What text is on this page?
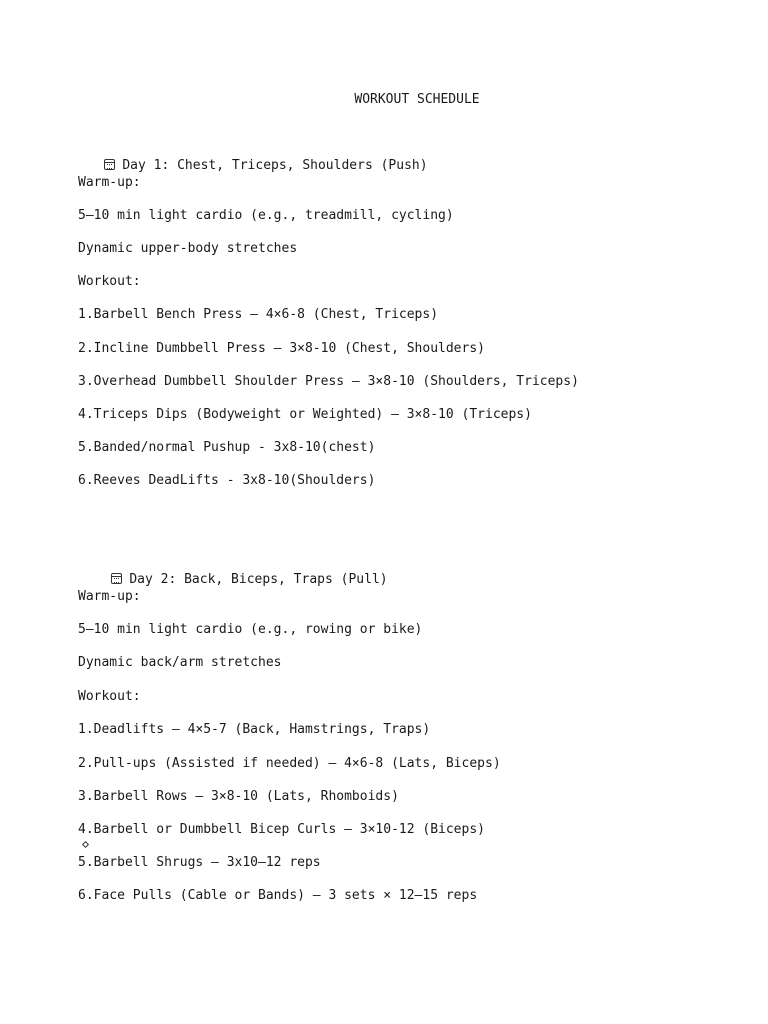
WORKOUT SCHEDULE

Day 1: Chest, Triceps, Shoulders (Push)

Warm-up:
5–10 min light cardio (e.g., treadmill, cycling)
Dynamic upper-body stretches
Workout:
1.Barbell Bench Press – 4×6-8 (Chest, Triceps)
2.Incline Dumbbell Press – 3×8-10 (Chest, Shoulders)
3.Overhead Dumbbell Shoulder Press – 3×8-10 (Shoulders, Triceps)
4.Triceps Dips (Bodyweight or Weighted) – 3×8-10 (Triceps)
5.Banded/normal Pushup - 3x8-10(chest)
6.Reeves DeadLifts - 3x8-10(Shoulders)

Day 2: Back, Biceps, Traps (Pull)

Warm-up:
5–10 min light cardio (e.g., rowing or bike)
Dynamic back/arm stretches
Workout:
1.Deadlifts – 4×5-7 (Back, Hamstrings, Traps)
2.Pull-ups (Assisted if needed) – 4×6-8 (Lats, Biceps)
3.Barbell Rows – 3×8-10 (Lats, Rhomboids)
4.Barbell or Dumbbell Bicep Curls – 3×10-12 (Biceps)
5.Barbell Shrugs – 3x10–12 reps
6.Face Pulls (Cable or Bands) – 3 sets × 12–15 reps
